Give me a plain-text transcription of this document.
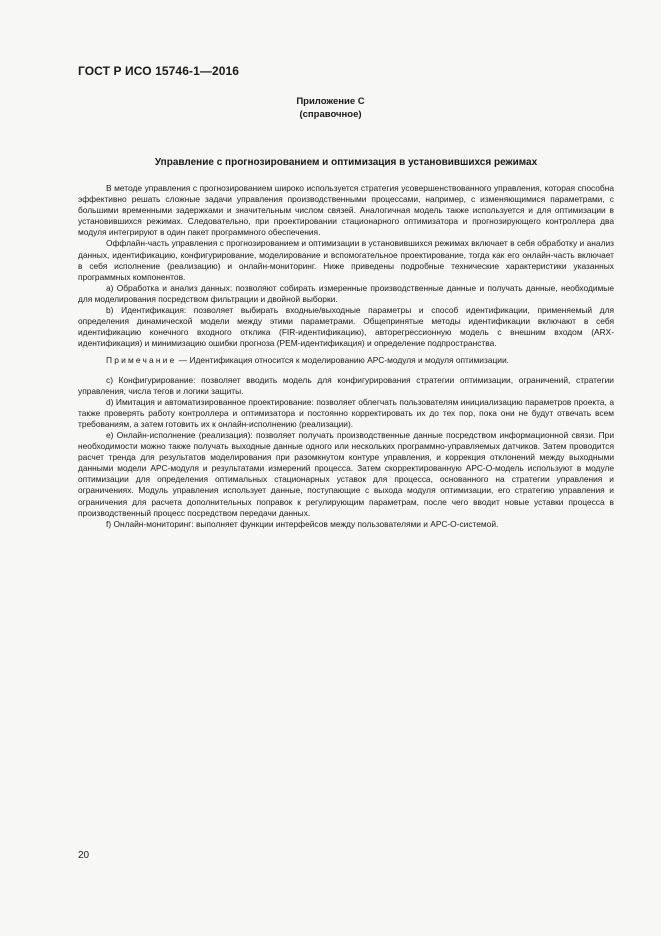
ГОСТ Р ИСО 15746-1—2016
Приложение С
(справочное)
Управление с прогнозированием и оптимизация в установившихся режимах

В методе управления с прогнозированием широко используется стратегия усовершенствованного управления, которая способна эффективно решать сложные задачи управления производственными процессами, например, с изменяющимися параметрами, с большими временными задержками и значительным числом связей. Аналогичная модель также используется и для оптимизации в установившихся режимах. Следовательно, при проектировании стационарного оптимизатора и прогнозирующего контроллера два модуля интегрируют в один пакет программного обеспечения.

Оффлайн-часть управления с прогнозированием и оптимизации в установившихся режимах включает в себя обработку и анализ данных, идентификацию, конфигурирование, моделирование и вспомогательное проектирование, тогда как его онлайн-часть включает в себя исполнение (реализацию) и онлайн-мониторинг. Ниже приведены подробные технические характеристики указанных программных компонентов.

а) Обработка и анализ данных: позволяют собирать измеренные производственные данные и получать данные, необходимые для моделирования посредством фильтрации и двойной выборки.

b) Идентификация: позволяет выбирать входные/выходные параметры и способ идентификации, применяемый для определения динамической модели между этими параметрами. Общепринятые методы идентификации включают в себя идентификацию конечного входного отклика (FIR-идентификацию), авторегрессионную модель с внешним входом (ARX-идентификация) и минимизацию ошибки прогноза (PEM-идентификация) и определение подпространства.

Примечание — Идентификация относится к моделированию АРС-модуля и модуля оптимизации.

с) Конфигурирование: позволяет вводить модель для конфигурирования стратегии оптимизации, ограничений, стратегии управления, числа тегов и логики защиты.

d) Имитация и автоматизированное проектирование: позволяет облегчать пользователям инициализацию параметров проекта, а также проверять работу контроллера и оптимизатора и постоянно корректировать их до тех пор, пока они не будут отвечать всем требованиям, а затем готовить их к онлайн-исполнению (реализации).

е) Онлайн-исполнение (реализация): позволяет получать производственные данные посредством информационной связи. При необходимости можно также получать выходные данные одного или нескольких программно-управляемых датчиков. Затем проводится расчет тренда для результатов моделирования при разомкнутом контуре управления, и коррекция отклонений между выходными данными модели АРС-модуля и результатами измерений процесса. Затем скорректированную АРС-О-модель используют в модуле оптимизации для определения оптимальных стационарных уставок для процесса, основанного на стратегии управления и ограничениях. Модуль управления использует данные, поступающие с выхода модуля оптимизации, его стратегию управления и ограничения для расчета дополнительных поправок к регулирующим параметрам, после чего вводит новые уставки процесса в производственный процесс посредством передачи данных.

f) Онлайн-мониторинг: выполняет функции интерфейсов между пользователями и АРС-О-системой.

20
